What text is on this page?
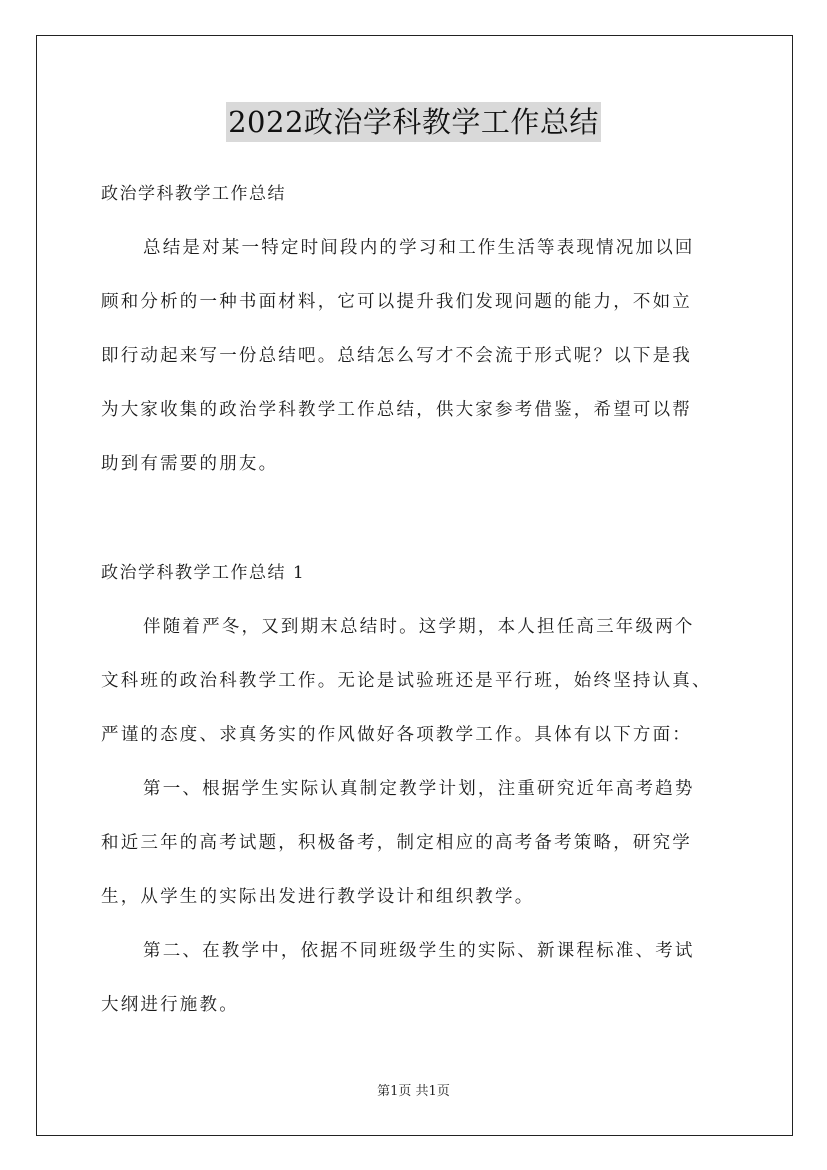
2022政治学科教学工作总结
政治学科教学工作总结
总结是对某一特定时间段内的学习和工作生活等表现情况加以回
顾和分析的一种书面材料，它可以提升我们发现问题的能力，不如立
即行动起来写一份总结吧。总结怎么写才不会流于形式呢？以下是我
为大家收集的政治学科教学工作总结，供大家参考借鉴，希望可以帮
助到有需要的朋友。
政治学科教学工作总结 1
伴随着严冬，又到期末总结时。这学期，本人担任高三年级两个
文科班的政治科教学工作。无论是试验班还是平行班，始终坚持认真、
严谨的态度、求真务实的作风做好各项教学工作。具体有以下方面：
第一、根据学生实际认真制定教学计划，注重研究近年高考趋势
和近三年的高考试题，积极备考，制定相应的高考备考策略，研究学
生，从学生的实际出发进行教学设计和组织教学。
第二、在教学中，依据不同班级学生的实际、新课程标准、考试
大纲进行施教。
第1页 共1页
